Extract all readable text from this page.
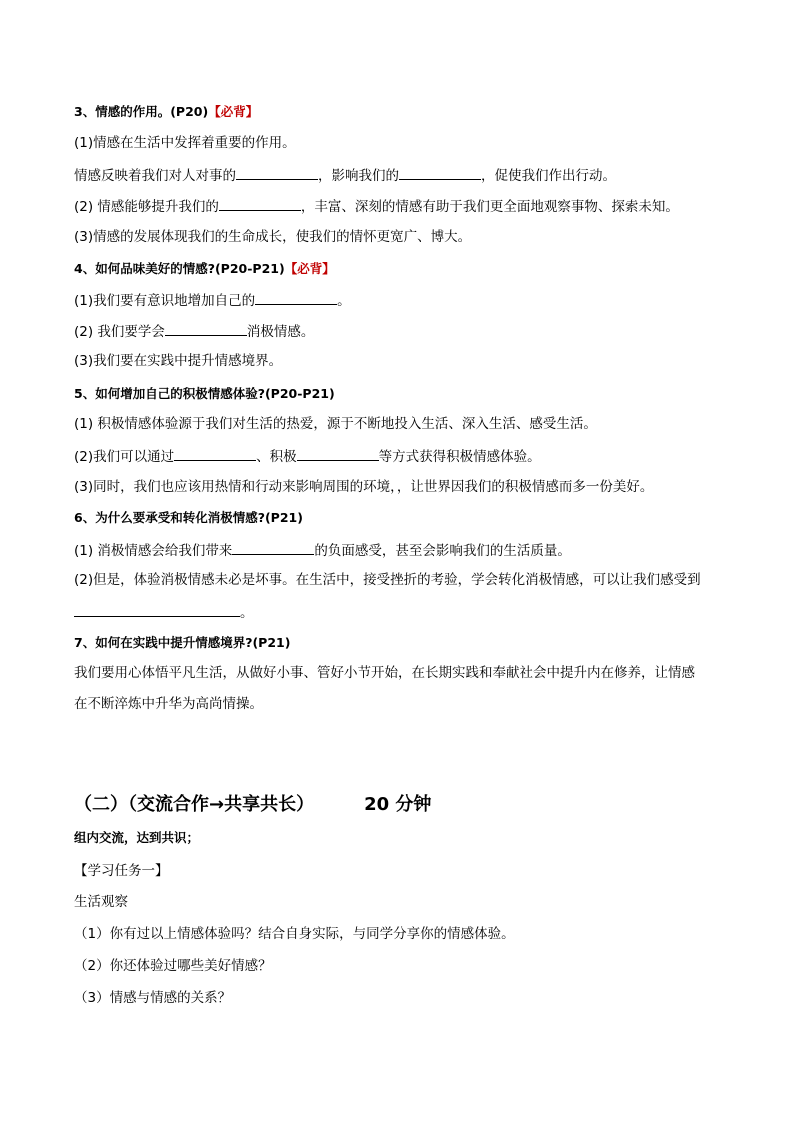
3、情感的作用。(P20)【必背】
(1)情感在生活中发挥着重要的作用。
情感反映着我们对人对事的	，影响我们的	，促使我们作出行动。
(2) 情感能够提升我们的	，丰富、深刻的情感有助于我们更全面地观察事物、探索未知。
(3)情感的发展体现我们的生命成长，使我们的情怀更宽广、博大。
4、如何品味美好的情感?(P20-P21)【必背】
(1)我们要有意识地增加自己的	。
(2) 我们要学会	消极情感。
(3)我们要在实践中提升情感境界。
5、如何增加自己的积极情感体验?(P20-P21)
(1) 积极情感体验源于我们对生活的热爱，源于不断地投入生活、深入生活、感受生活。
(2)我们可以通过	、积极	等方式获得积极情感体验。
(3)同时，我们也应该用热情和行动来影响周围的环境，，让世界因我们的积极情感而多一份美好。
6、为什么要承受和转化消极情感?(P21)
(1) 消极情感会给我们带来	的负面感受，甚至会影响我们的生活质量。
(2)但是，体验消极情感未必是坏事。在生活中，接受挫折的考验，学会转化消极情感，可以让我们感受到
。
7、如何在实践中提升情感境界?(P21)
我们要用心体悟平凡生活，从做好小事、管好小节开始，在长期实践和奉献社会中提升内在修养，让情感
在不断淬炼中升华为高尚情操。
（二）（交流合作→共享共长）	20 分钟
组内交流，达到共识；
【学习任务一】
生活观察
（1）你有过以上情感体验吗？结合自身实际，与同学分享你的情感体验。
（2）你还体验过哪些美好情感？
（3）情感与情感的关系？
